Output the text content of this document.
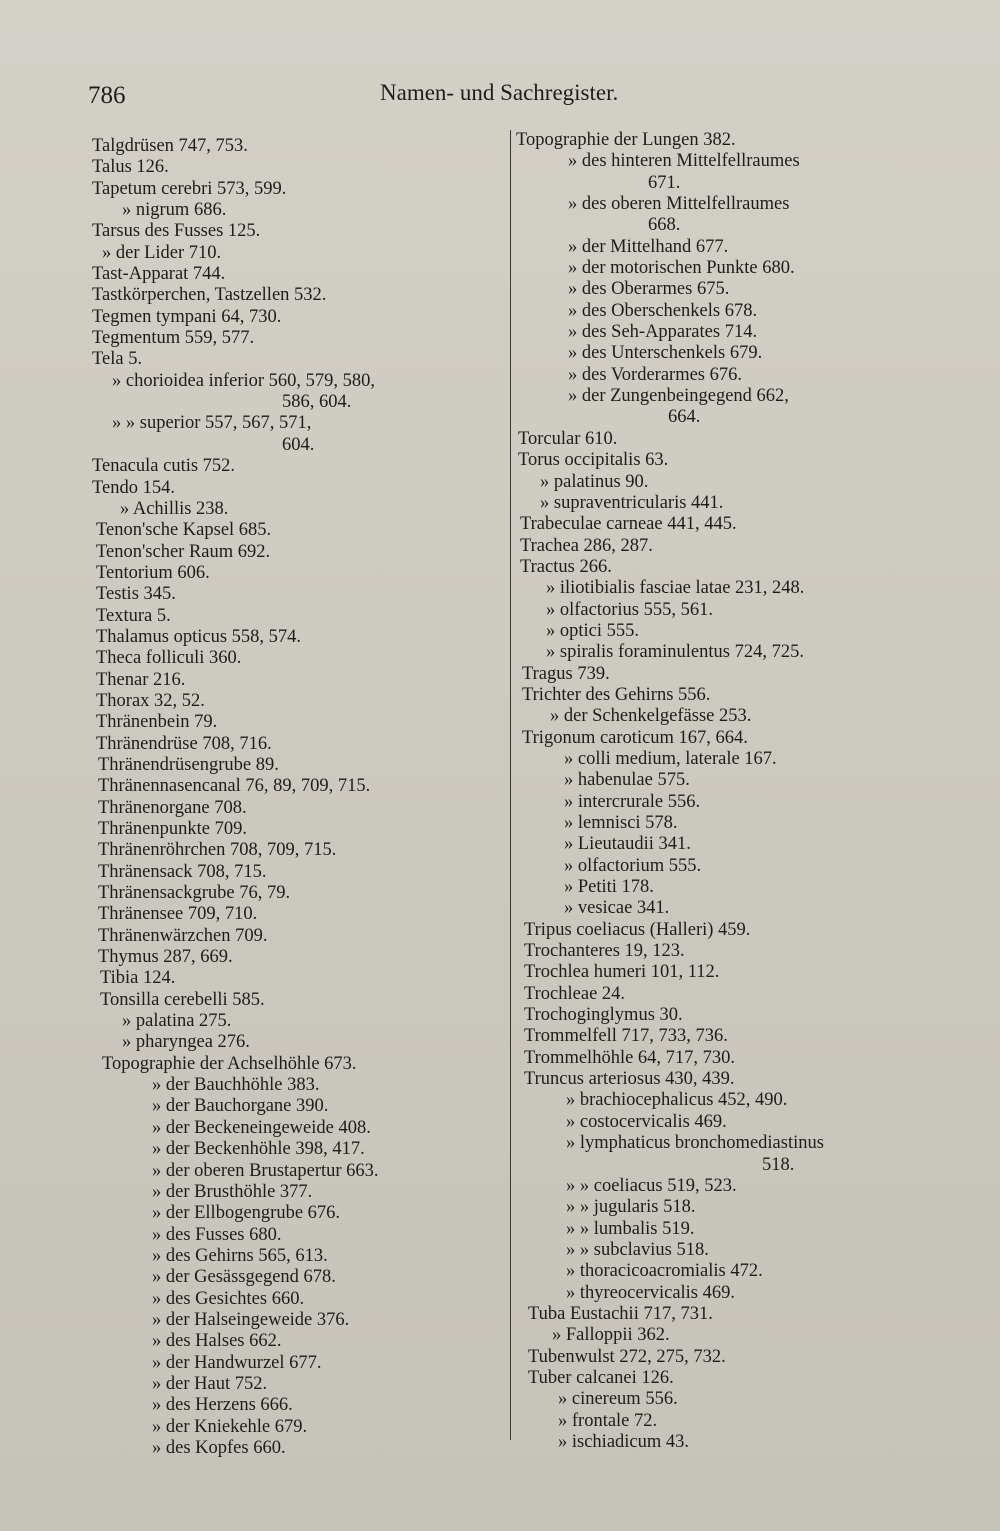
786	Namen- und Sachregister.
Talgdrüsen 747, 753.
Talus 126.
Tapetum cerebri 573, 599.
» nigrum 686.
Tarsus des Fusses 125.
» der Lider 710.
Tast-Apparat 744.
Tastkörperchen, Tastzellen 532.
Tegmen tympani 64, 730.
Tegmentum 559, 577.
Tela 5.
» chorioidea inferior 560, 579, 580,
586, 604.
» » superior 557, 567, 571,
604.
Tenacula cutis 752.
Tendo 154.
» Achillis 238.
Tenon'sche Kapsel 685.
Tenon'scher Raum 692.
Tentorium 606.
Testis 345.
Textura 5.
Thalamus opticus 558, 574.
Theca folliculi 360.
Thenar 216.
Thorax 32, 52.
Thränenbein 79.
Thränendrüse 708, 716.
Thränendrüsengrube 89.
Thränennasencanal 76, 89, 709, 715.
Thränenorgane 708.
Thränenpunkte 709.
Thränenröhrchen 708, 709, 715.
Thränensack 708, 715.
Thränensackgrube 76, 79.
Thränensee 709, 710.
Thränenwärzchen 709.
Thymus 287, 669.
Tibia 124.
Tonsilla cerebelli 585.
» palatina 275.
» pharyngea 276.
Topographie der Achselhöhle 673.
» der Bauchhöhle 383.
» der Bauchorgane 390.
» der Beckeneingeweide 408.
» der Beckenhöhle 398, 417.
» der oberen Brustapertur 663.
» der Brusthöhle 377.
» der Ellbogengrube 676.
» des Fusses 680.
» des Gehirns 565, 613.
» der Gesässgegend 678.
» des Gesichtes 660.
» der Halseingeweide 376.
» des Halses 662.
» der Handwurzel 677.
» der Haut 752.
» des Herzens 666.
» der Kniekehle 679.
» des Kopfes 660.
Topographie der Lungen 382.
» des hinteren Mittelfellraumes
671.
» des oberen Mittelfellraumes
668.
» der Mittelhand 677.
» der motorischen Punkte 680.
» des Oberarmes 675.
» des Oberschenkels 678.
» des Seh-Apparates 714.
» des Unterschenkels 679.
» des Vorderarmes 676.
» der Zungenbeingegend 662,
664.
Torcular 610.
Torus occipitalis 63.
» palatinus 90.
» supraventricularis 441.
Trabeculae carneae 441, 445.
Trachea 286, 287.
Tractus 266.
» iliotibialis fasciae latae 231, 248.
» olfactorius 555, 561.
» optici 555.
» spiralis foraminulentus 724, 725.
Tragus 739.
Trichter des Gehirns 556.
» der Schenkelgefässe 253.
Trigonum caroticum 167, 664.
» colli medium, laterale 167.
» habenulae 575.
» intercrurale 556.
» lemnisci 578.
» Lieutaudii 341.
» olfactorium 555.
» Petiti 178.
» vesicae 341.
Tripus coeliacus (Halleri) 459.
Trochanteres 19, 123.
Trochlea humeri 101, 112.
Trochleae 24.
Trochoginglymus 30.
Trommelfell 717, 733, 736.
Trommelhöhle 64, 717, 730.
Truncus arteriosus 430, 439.
» brachiocephalicus 452, 490.
» costocervicalis 469.
» lymphaticus bronchomediastinus
518.
» » coeliacus 519, 523.
» » jugularis 518.
» » lumbalis 519.
» » subclavius 518.
» thoracicoacromialis 472.
» thyreocervicalis 469.
Tuba Eustachii 717, 731.
» Falloppii 362.
Tubenwulst 272, 275, 732.
Tuber calcanei 126.
» cinereum 556.
» frontale 72.
» ischiadicum 43.
